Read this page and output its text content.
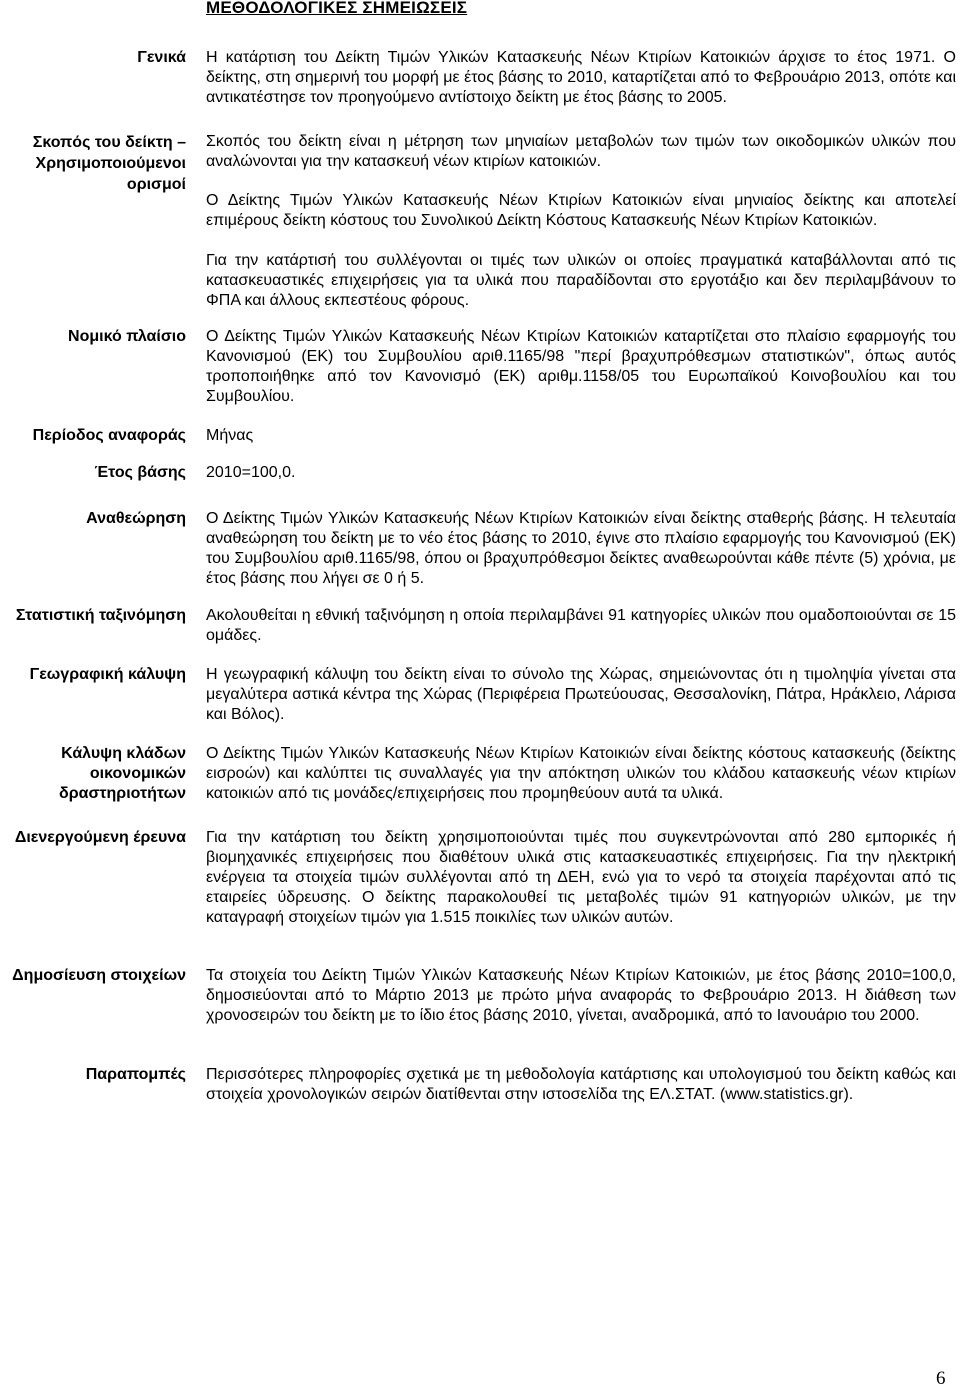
ΜΕΘΟΔΟΛΟΓΙΚΕΣ ΣΗΜΕΙΩΣΕΙΣ
Γενικά Η κατάρτιση του Δείκτη Τιμών Υλικών Κατασκευής Νέων Κτιρίων Κατοικιών άρχισε το έτος 1971. Ο δείκτης, στη σημερινή του μορφή με έτος βάσης το 2010, καταρτίζεται από το Φεβρουάριο 2013, οπότε και αντικατέστησε τον προηγούμενο αντίστοιχο δείκτη με έτος βάσης το 2005.

Σκοπός του δείκτη – Χρησιμοποιούμενοι ορισμοί

Σκοπός του δείκτη είναι η μέτρηση των μηνιαίων μεταβολών των τιμών των οικοδομικών υλικών που αναλώνονται για την κατασκευή νέων κτιρίων κατοικιών.

Ο Δείκτης Τιμών Υλικών Κατασκευής Νέων Κτιρίων Κατοικιών είναι μηνιαίος δείκτης και αποτελεί επιμέρους δείκτη κόστους του Συνολικού Δείκτη Κόστους Κατασκευής Νέων Κτιρίων Κατοικιών.

Για την κατάρτισή του συλλέγονται οι τιμές των υλικών οι οποίες πραγματικά καταβάλλονται από τις κατασκευαστικές επιχειρήσεις για τα υλικά που παραδίδονται στο εργοτάξιο και δεν περιλαμβάνουν το ΦΠΑ και άλλους εκπεστέους φόρους.

Νομικό πλαίσιο Ο Δείκτης Τιμών Υλικών Κατασκευής Νέων Κτιρίων Κατοικιών καταρτίζεται στο πλαίσιο εφαρμογής του Κανονισμού (ΕΚ) του Συμβουλίου αριθ.1165/98 "περί βραχυπρόθεσμων στατιστικών", όπως αυτός τροποποιήθηκε από τον Κανονισμό (ΕΚ) αριθμ.1158/05 του Ευρωπαϊκού Κοινοβουλίου και του Συμβουλίου.

Περίοδος αναφοράς Μήνας

Έτος βάσης 2010=100,0.

Αναθεώρηση Ο Δείκτης Τιμών Υλικών Κατασκευής Νέων Κτιρίων Κατοικιών είναι δείκτης σταθερής βάσης. Η τελευταία αναθεώρηση του δείκτη με το νέο έτος βάσης το 2010, έγινε στο πλαίσιο εφαρμογής του Κανονισμού (ΕΚ) του Συμβουλίου αριθ.1165/98, όπου οι βραχυπρόθεσμοι δείκτες αναθεωρούνται κάθε πέντε (5) χρόνια, με έτος βάσης που λήγει σε 0 ή 5.

Στατιστική ταξινόμηση Ακολουθείται η εθνική ταξινόμηση η οποία περιλαμβάνει 91 κατηγορίες υλικών που ομαδοποιούνται σε 15 ομάδες.

Γεωγραφική κάλυψη Η γεωγραφική κάλυψη του δείκτη είναι το σύνολο της Χώρας, σημειώνοντας ότι η τιμοληψία γίνεται στα μεγαλύτερα αστικά κέντρα της Χώρας (Περιφέρεια Πρωτεύουσας, Θεσσαλονίκη, Πάτρα, Ηράκλειο, Λάρισα και Βόλος).

Κάλυψη κλάδων οικονομικών δραστηριοτήτων

Ο Δείκτης Τιμών Υλικών Κατασκευής Νέων Κτιρίων Κατοικιών είναι δείκτης κόστους κατασκευής (δείκτης εισροών) και καλύπτει τις συναλλαγές για την απόκτηση υλικών του κλάδου κατασκευής νέων κτιρίων κατοικιών από τις μονάδες/επιχειρήσεις που προμηθεύουν αυτά τα υλικά.

Διενεργούμενη έρευνα Για την κατάρτιση του δείκτη χρησιμοποιούνται τιμές που συγκεντρώνονται από 280 εμπορικές ή βιομηχανικές επιχειρήσεις που διαθέτουν υλικά στις κατασκευαστικές επιχειρήσεις. Για την ηλεκτρική ενέργεια τα στοιχεία τιμών συλλέγονται από τη ΔΕΗ, ενώ για το νερό τα στοιχεία παρέχονται από τις εταιρείες ύδρευσης. Ο δείκτης παρακολουθεί τις μεταβολές τιμών 91 κατηγοριών υλικών, με την καταγραφή στοιχείων τιμών για 1.515 ποικιλίες των υλικών αυτών.

Δημοσίευση στοιχείων Τα στοιχεία του Δείκτη Τιμών Υλικών Κατασκευής Νέων Κτιρίων Κατοικιών, με έτος βάσης 2010=100,0, δημοσιεύονται από το Μάρτιο 2013 με πρώτο μήνα αναφοράς το Φεβρουάριο 2013. Η διάθεση των χρονοσειρών του δείκτη με το ίδιο έτος βάσης 2010, γίνεται, αναδρομικά, από το Ιανουάριο του 2000.

Παραπομπές Περισσότερες πληροφορίες σχετικά με τη μεθοδολογία κατάρτισης και υπολογισμού του δείκτη καθώς και στοιχεία χρονολογικών σειρών διατίθενται στην ιστοσελίδα της ΕΛ.ΣΤΑΤ. (www.statistics.gr).

6
